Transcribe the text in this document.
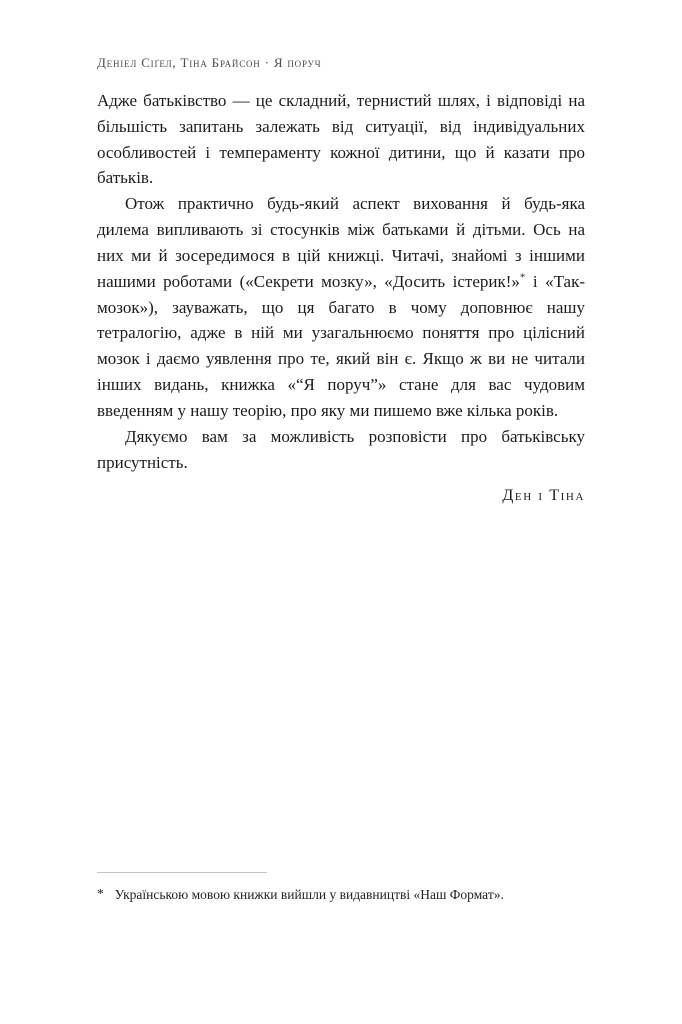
Деніел Сіґел, Тіна Брайсон · Я поруч

Адже батьківство — це складний, тернистий шлях, і відповіді на більшість запитань залежать від ситуації, від індивідуальних особливостей і темпераменту кожної дитини, що й казати про батьків.

Отож практично будь-який аспект виховання й будь-яка дилема випливають зі стосунків між батьками й дітьми. Ось на них ми й зосередимося в цій книжці. Читачі, знайомі з іншими нашими роботами («Секрети мозку», «Досить істерик!»* і «Так-мозок»), зауважать, що ця багато в чому доповнює нашу тетралогію, адже в ній ми узагальнюємо поняття про цілісний мозок і даємо уявлення про те, який він є. Якщо ж ви не читали інших видань, книжка «“Я поруч”» стане для вас чудовим введенням у нашу теорію, про яку ми пишемо вже кілька років.

Дякуємо вам за можливість розповісти про батьківську присутність.

Ден і Тіна

* Українською мовою книжки вийшли у видавництві «Наш Формат».
